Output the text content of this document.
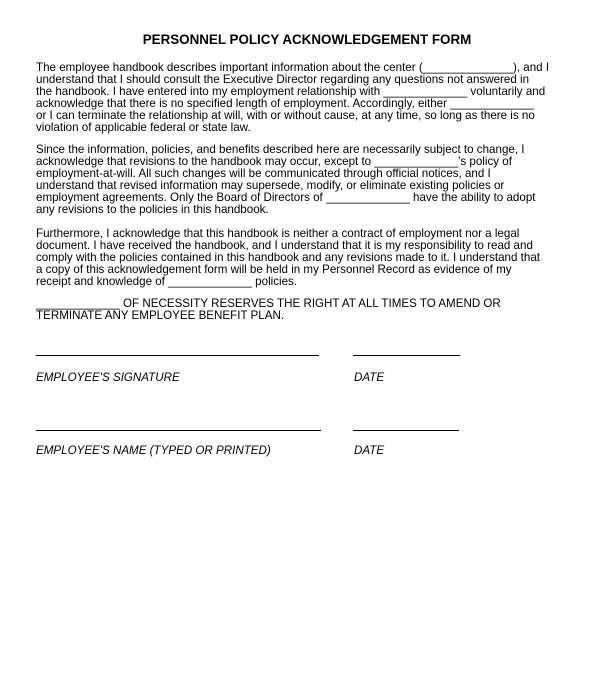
PERSONNEL POLICY ACKNOWLEDGEMENT FORM
The employee handbook describes important information about the center (______________), and I
understand that I should consult the Executive Director regarding any questions not answered in
the handbook. I have entered into my employment relationship with _____________ voluntarily and
acknowledge that there is no specified length of employment. Accordingly, either _____________
or I can terminate the relationship at will, with or without cause, at any time, so long as there is no
violation of applicable federal or state law.
Since the information, policies, and benefits described here are necessarily subject to change, I
acknowledge that revisions to the handbook may occur, except to _____________'s policy of
employment-at-will. All such changes will be communicated through official notices, and I
understand that revised information may supersede, modify, or eliminate existing policies or
employment agreements. Only the Board of Directors of _____________ have the ability to adopt
any revisions to the policies in this handbook.
Furthermore, I acknowledge that this handbook is neither a contract of employment nor a legal
document. I have received the handbook, and I understand that it is my responsibility to read and
comply with the policies contained in this handbook and any revisions made to it. I understand that
a copy of this acknowledgement form will be held in my Personnel Record as evidence of my
receipt and knowledge of _____________ policies.
_____________ OF NECESSITY RESERVES THE RIGHT AT ALL TIMES TO AMEND OR
TERMINATE ANY EMPLOYEE BENEFIT PLAN.
EMPLOYEE'S SIGNATURE	DATE
EMPLOYEE'S NAME (TYPED OR PRINTED)	DATE
